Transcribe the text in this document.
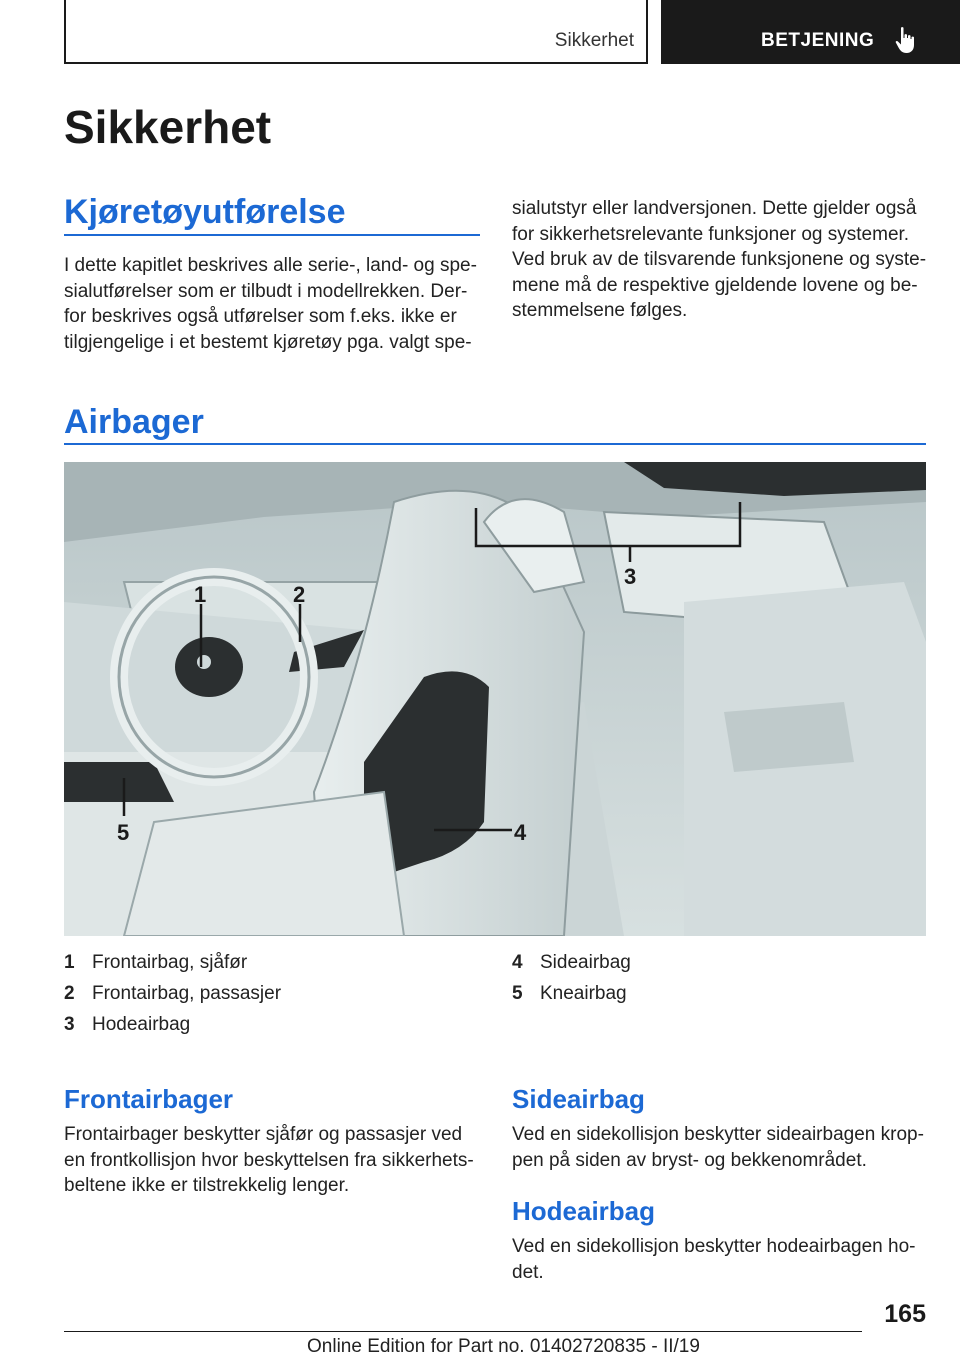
Sikkerhet	BETJENING
Sikkerhet
Kjøretøyutførelse
I dette kapitlet beskrives alle serie-, land- og spe-
sialutførelser som er tilbudt i modellrekken. Der-
for beskrives også utførelser som f.eks. ikke er
tilgjengelige i et bestemt kjøretøy pga. valgt spe-
sialutstyr eller landversjonen. Dette gjelder også
for sikkerhetsrelevante funksjoner og systemer.
Ved bruk av de tilsvarende funksjonene og syste-
mene må de respektive gjeldende lovene og be-
stemmelsene følges.
Airbager
1	2
3
4
5
1 Frontairbag, sjåfør
2 Frontairbag, passasjer
3 Hodeairbag
4 Sideairbag
5 Kneairbag
Frontairbager
Frontairbager beskytter sjåfør og passasjer ved
en frontkollisjon hvor beskyttelsen fra sikkerhets-
beltene ikke er tilstrekkelig lenger.
Sideairbag
Ved en sidekollisjon beskytter sideairbagen krop-
pen på siden av bryst- og bekkenområdet.
Hodeairbag
Ved en sidekollisjon beskytter hodeairbagen ho-
det.
165
Online Edition for Part no. 01402720835 - II/19
